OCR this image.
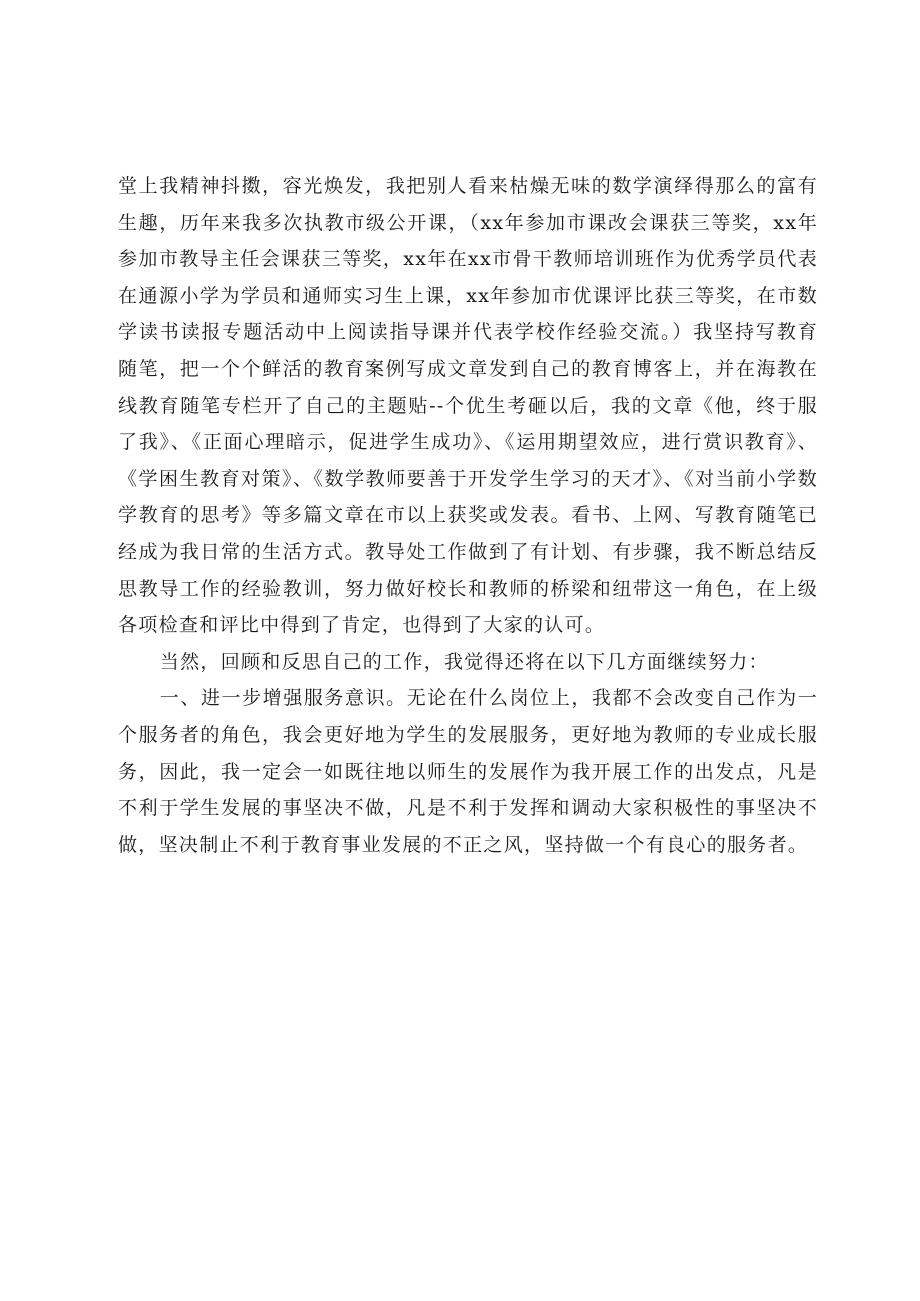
堂上我精神抖擞，容光焕发，我把别人看来枯燥无味的数学演绎得那么的富有生趣，历年来我多次执教市级公开课，（xx年参加市课改会课获三等奖，xx年参加市教导主任会课获三等奖，xx年在xx市骨干教师培训班作为优秀学员代表在通源小学为学员和通师实习生上课，xx年参加市优课评比获三等奖，在市数学读书读报专题活动中上阅读指导课并代表学校作经验交流。）我坚持写教育随笔，把一个个鲜活的教育案例写成文章发到自己的教育博客上，并在海教在线教育随笔专栏开了自己的主题贴--个优生考砸以后，我的文章《他，终于服了我》、《正面心理暗示，促进学生成功》、《运用期望效应，进行赏识教育》、《学困生教育对策》、《数学教师要善于开发学生学习的天才》、《对当前小学数学教育的思考》等多篇文章在市以上获奖或发表。看书、上网、写教育随笔已经成为我日常的生活方式。教导处工作做到了有计划、有步骤，我不断总结反思教导工作的经验教训，努力做好校长和教师的桥梁和纽带这一角色，在上级各项检查和评比中得到了肯定，也得到了大家的认可。

当然，回顾和反思自己的工作，我觉得还将在以下几方面继续努力：

一、进一步增强服务意识。无论在什么岗位上，我都不会改变自己作为一个服务者的角色，我会更好地为学生的发展服务，更好地为教师的专业成长服务，因此，我一定会一如既往地以师生的发展作为我开展工作的出发点，凡是不利于学生发展的事坚决不做，凡是不利于发挥和调动大家积极性的事坚决不做，坚决制止不利于教育事业发展的不正之风，坚持做一个有良心的服务者。
